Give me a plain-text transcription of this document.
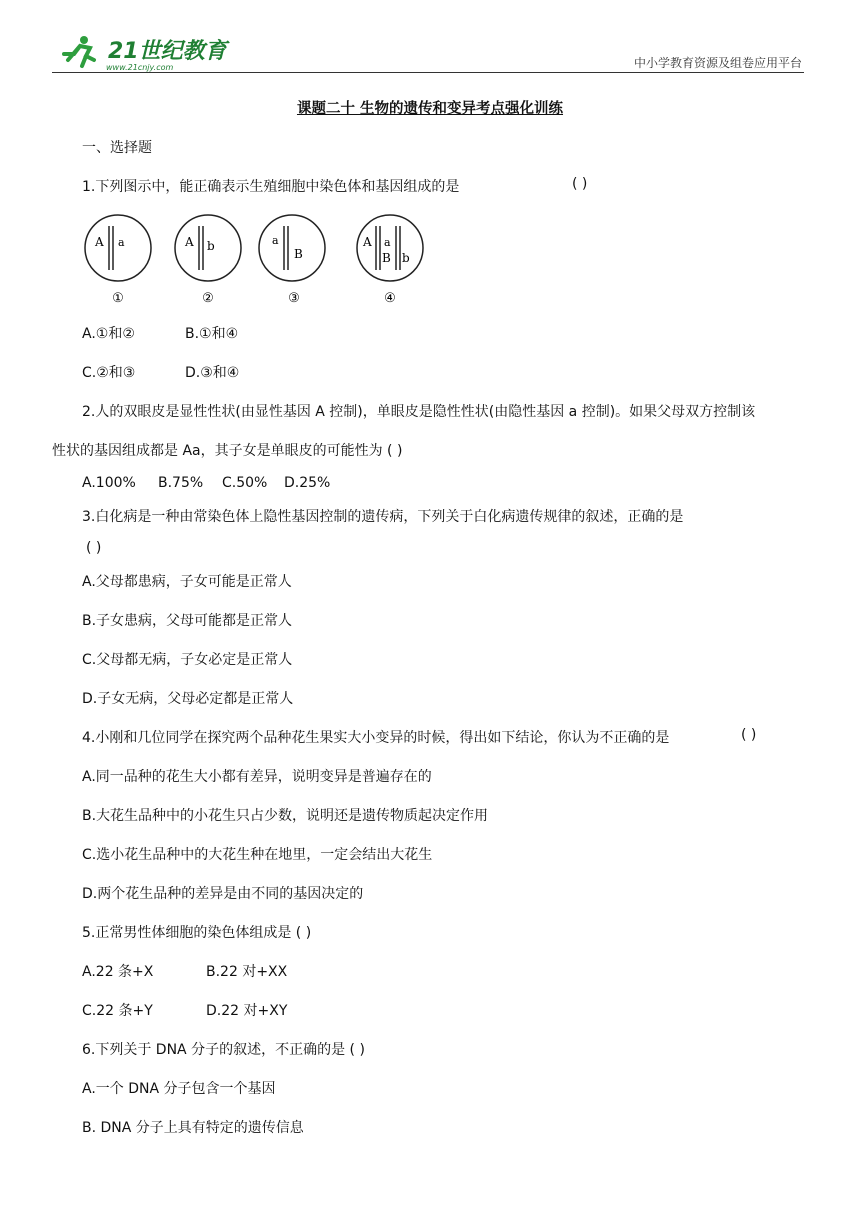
21世纪教育
www.21cnjy.com	中小学教育资源及组卷应用平台
课题二十 生物的遗传和变异考点强化训练
一、选择题
1.下列图示中，能正确表示生殖细胞中染色体和基因组成的是	( )
A a
①
A b
②
a
B
③
A
B
a
b
④
A.①和②	B.①和④
C.②和③	D.③和④
2.人的双眼皮是显性性状(由显性基因 A 控制)，单眼皮是隐性性状(由隐性基因 a 控制)。如果父母双方控制该
性状的基因组成都是 Aa，其子女是单眼皮的可能性为 ( )
A.100% B.75% C.50% D.25%
3.白化病是一种由常染色体上隐性基因控制的遗传病，下列关于白化病遗传规律的叙述，正确的是
( )
A.父母都患病，子女可能是正常人
B.子女患病，父母可能都是正常人
C.父母都无病，子女必定是正常人
D.子女无病，父母必定都是正常人
4.小刚和几位同学在探究两个品种花生果实大小变异的时候，得出如下结论，你认为不正确的是	( )
A.同一品种的花生大小都有差异，说明变异是普遍存在的
B.大花生品种中的小花生只占少数，说明还是遗传物质起决定作用
C.选小花生品种中的大花生种在地里，一定会结出大花生
D.两个花生品种的差异是由不同的基因决定的
5.正常男性体细胞的染色体组成是 ( )
A.22 条+X	B.22 对+XX
C.22 条+Y	D.22 对+XY
6.下列关于 DNA 分子的叙述，不正确的是 ( )
A.一个 DNA 分子包含一个基因
B. DNA 分子上具有特定的遗传信息
